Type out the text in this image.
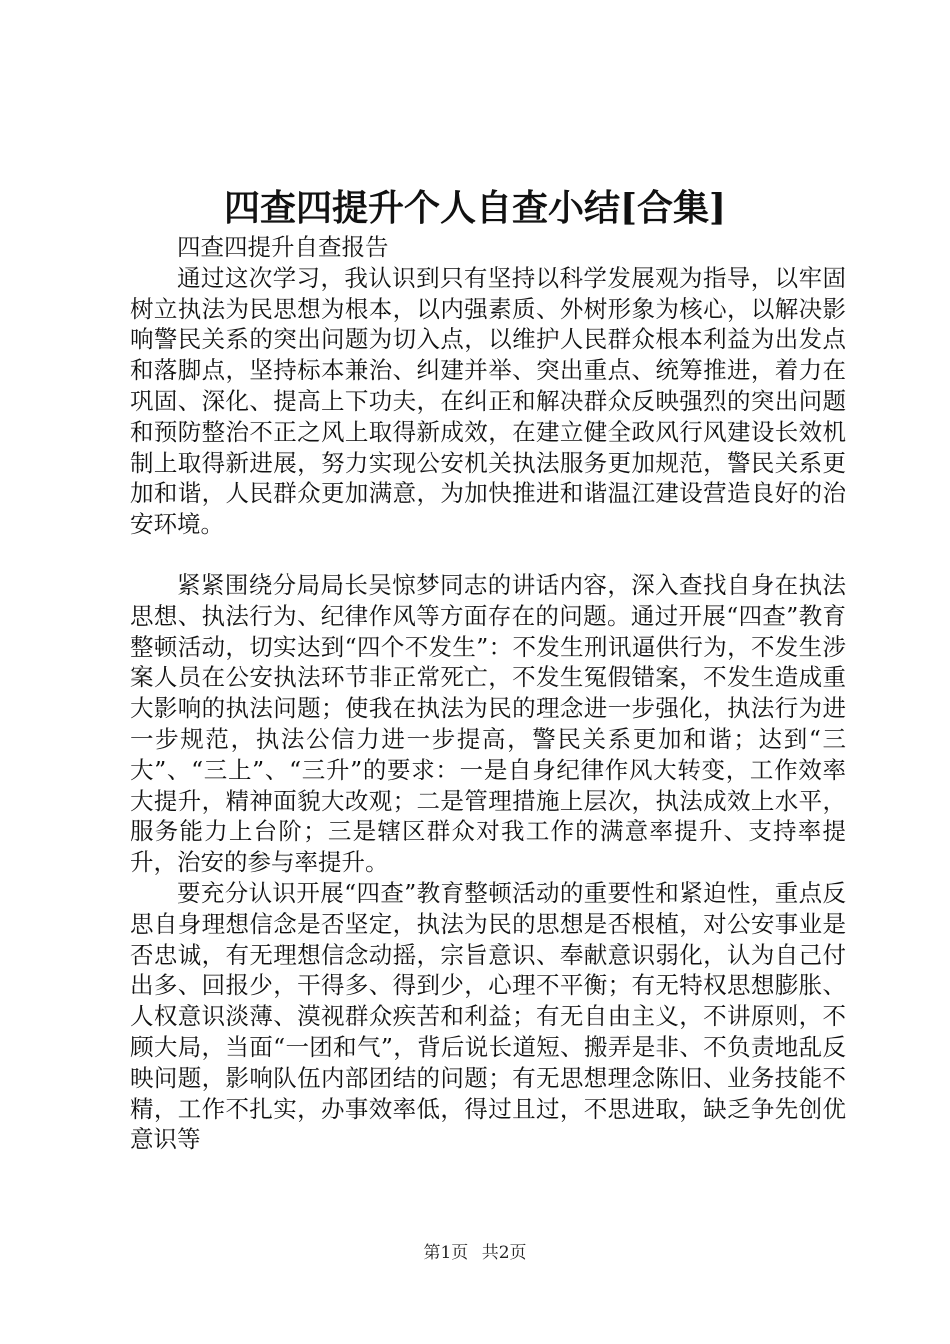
四查四提升个人自查小结[合集]

四查四提升自查报告

通过这次学习，我认识到只有坚持以科学发展观为指导，以牢固树立执法为民思想为根本，以内强素质、外树形象为核心，以解决影响警民关系的突出问题为切入点，以维护人民群众根本利益为出发点和落脚点，坚持标本兼治、纠建并举、突出重点、统筹推进，着力在巩固、深化、提高上下功夫，在纠正和解决群众反映强烈的突出问题和预防整治不正之风上取得新成效，在建立健全政风行风建设长效机制上取得新进展，努力实现公安机关执法服务更加规范，警民关系更加和谐，人民群众更加满意，为加快推进和谐温江建设营造良好的治安环境。

紧紧围绕分局局长吴惊梦同志的讲话内容，深入查找自身在执法思想、执法行为、纪律作风等方面存在的问题。通过开展“四查”教育整顿活动，切实达到“四个不发生”：不发生刑讯逼供行为，不发生涉案人员在公安执法环节非正常死亡，不发生冤假错案，不发生造成重大影响的执法问题；使我在执法为民的理念进一步强化，执法行为进一步规范，执法公信力进一步提高，警民关系更加和谐；达到“三大”、“三上”、“三升”的要求：一是自身纪律作风大转变，工作效率大提升，精神面貌大改观；二是管理措施上层次，执法成效上水平，服务能力上台阶；三是辖区群众对我工作的满意率提升、支持率提升，治安的参与率提升。

要充分认识开展“四查”教育整顿活动的重要性和紧迫性，重点反思自身理想信念是否坚定，执法为民的思想是否根植，对公安事业是否忠诚，有无理想信念动摇，宗旨意识、奉献意识弱化，认为自己付出多、回报少，干得多、得到少，心理不平衡；有无特权思想膨胀、人权意识淡薄、漠视群众疾苦和利益；有无自由主义，不讲原则，不顾大局，当面“一团和气”，背后说长道短、搬弄是非、不负责地乱反映问题，影响队伍内部团结的问题；有无思想理念陈旧、业务技能不精，工作不扎实，办事效率低，得过且过，不思进取，缺乏争先创优意识等

第1页 共2页
